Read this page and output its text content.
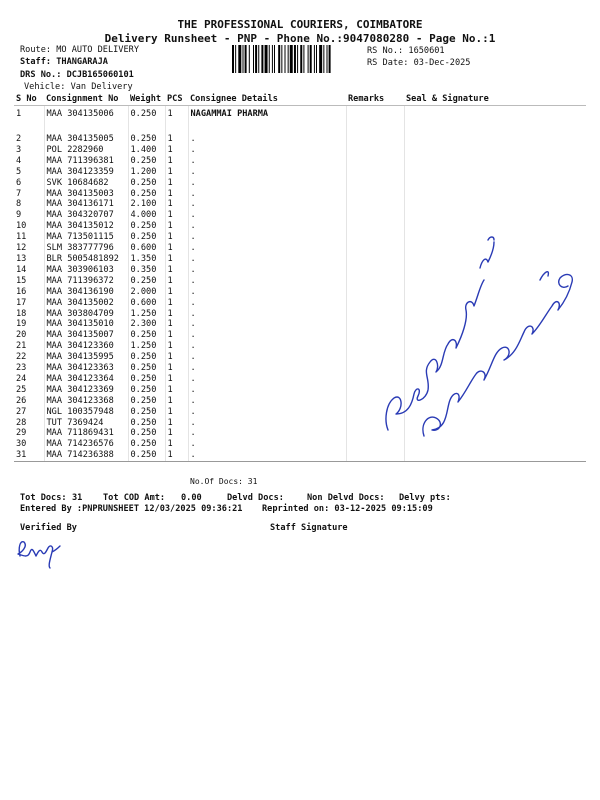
THE PROFESSIONAL COURIERS, COIMBATORE
Delivery Runsheet - PNP - Phone No.:9047080280 - Page No.:1
Route: MO AUTO DELIVERY
Staff: THANGARAJA
DRS No.: DCJB165060101
Vehicle: Van Delivery
RS No.: 1650601
RS Date: 03-Dec-2025
S No	Consignment No	Weight	PCS	Consignee Details	Remarks	Seal & Signature
1	MAA 304135006	0.250	1	NAGAMMAI PHARMA		
2	MAA 304135005	0.250	1	.		
3	POL 2282960	1.400	1	.		
4	MAA 711396381	0.250	1	.		
5	MAA 304123359	1.200	1	.		
6	SVK 10684682	0.250	1	.		
7	MAA 304135003	0.250	1	.		
8	MAA 304136171	2.100	1	.		
9	MAA 304320707	4.000	1	.		
10	MAA 304135012	0.250	1	.		
11	MAA 713501115	0.250	1	.		
12	SLM 383777796	0.600	1	.		
13	BLR 5005481892	1.350	1	.		
14	MAA 303906103	0.350	1	.		
15	MAA 711396372	0.250	1	.		
16	MAA 304136190	2.000	1	.		
17	MAA 304135002	0.600	1	.		
18	MAA 303804709	1.250	1	.		
19	MAA 304135010	2.300	1	.		
20	MAA 304135007	0.250	1	.		
21	MAA 304123360	1.250	1	.		
22	MAA 304135995	0.250	1	.		
23	MAA 304123363	0.250	1	.		
24	MAA 304123364	0.250	1	.		
25	MAA 304123369	0.250	1	.		
26	MAA 304123368	0.250	1	.		
27	NGL 100357948	0.250	1	.		
28	TUT 7369424	0.250	1	.		
29	MAA 711869431	0.250	1	.		
30	MAA 714236576	0.250	1	.		
31	MAA 714236388	0.250	1	.		
No.Of Docs: 31
Tot Docs: 31 Tot COD Amt: 0.00	Delvd Docs:	Non Delvd Docs: Delvy pts:
Entered By :PNPRUNSHEET 12/03/2025 09:36:21 Reprinted on: 03-12-2025 09:15:09
Verified By	Staff Signature
